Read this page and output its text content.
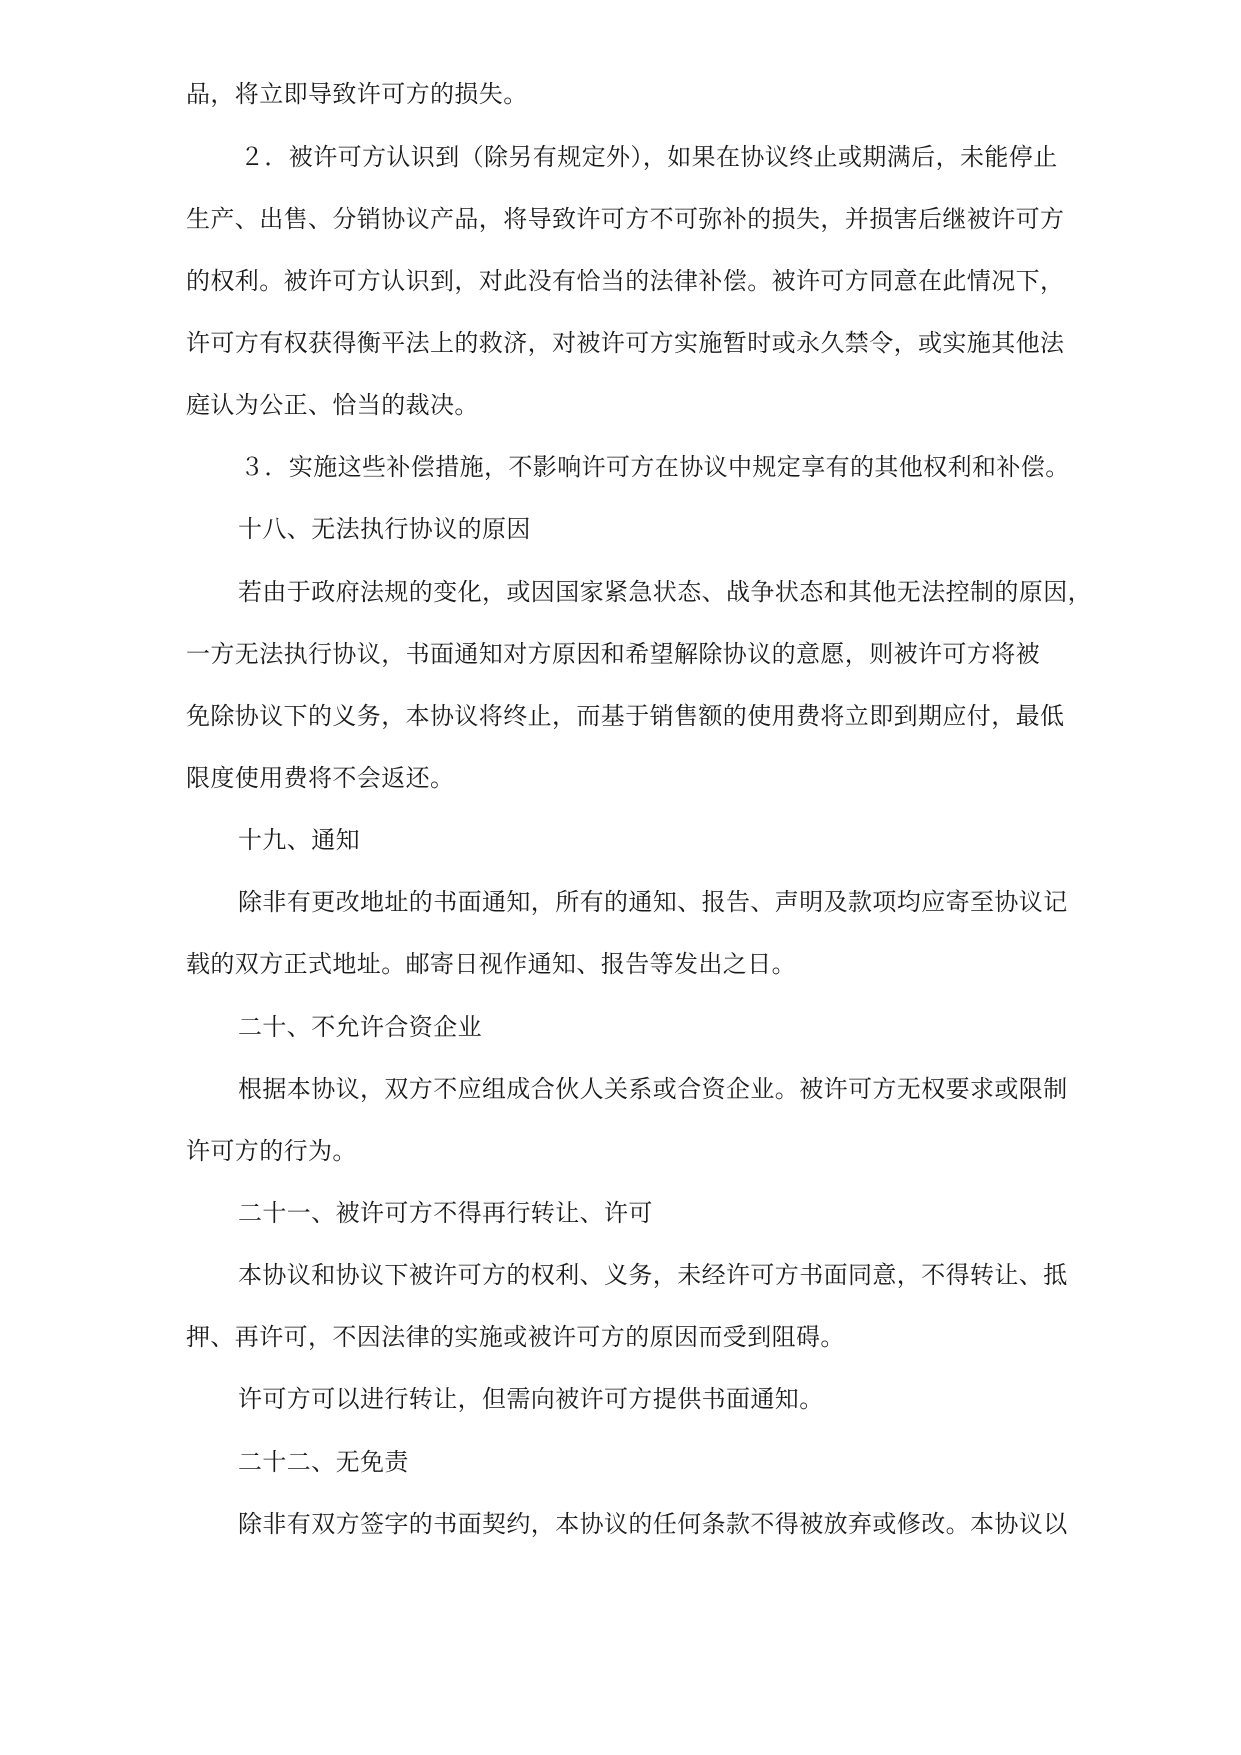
品，将立即导致许可方的损失。
２．被许可方认识到（除另有规定外），如果在协议终止或期满后，未能停止
生产、出售、分销协议产品，将导致许可方不可弥补的损失，并损害后继被许可方
的权利。被许可方认识到，对此没有恰当的法律补偿。被许可方同意在此情况下，
许可方有权获得衡平法上的救济，对被许可方实施暂时或永久禁令，或实施其他法
庭认为公正、恰当的裁决。
３．实施这些补偿措施，不影响许可方在协议中规定享有的其他权利和补偿。
十八、无法执行协议的原因
若由于政府法规的变化，或因国家紧急状态、战争状态和其他无法控制的原因，
一方无法执行协议，书面通知对方原因和希望解除协议的意愿，则被许可方将被
免除协议下的义务，本协议将终止，而基于销售额的使用费将立即到期应付，最低
限度使用费将不会返还。
十九、通知
除非有更改地址的书面通知，所有的通知、报告、声明及款项均应寄至协议记
载的双方正式地址。邮寄日视作通知、报告等发出之日。
二十、不允许合资企业
根据本协议，双方不应组成合伙人关系或合资企业。被许可方无权要求或限制
许可方的行为。
二十一、被许可方不得再行转让、许可
本协议和协议下被许可方的权利、义务，未经许可方书面同意，不得转让、抵
押、再许可，不因法律的实施或被许可方的原因而受到阻碍。
许可方可以进行转让，但需向被许可方提供书面通知。
二十二、无免责
除非有双方签字的书面契约，本协议的任何条款不得被放弃或修改。本协议以
